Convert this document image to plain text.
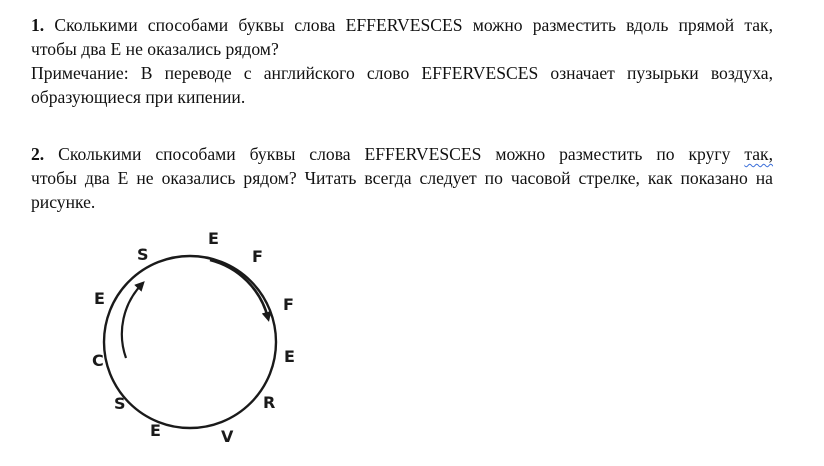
1. Сколькими способами буквы слова EFFERVESCES можно разместить вдоль прямой так,
чтобы два E не оказались рядом?
Примечание: В переводе с английского слово EFFERVESCES означает пузырьки воздуха,
образующиеся при кипении.
2. Сколькими способами буквы слова EFFERVESCES можно разместить по кругу так,
чтобы два E не оказались рядом? Читать всегда следует по часовой стрелке, как показано на
рисунке.
E
F
F
E
R
V
E
S
C
E
S
